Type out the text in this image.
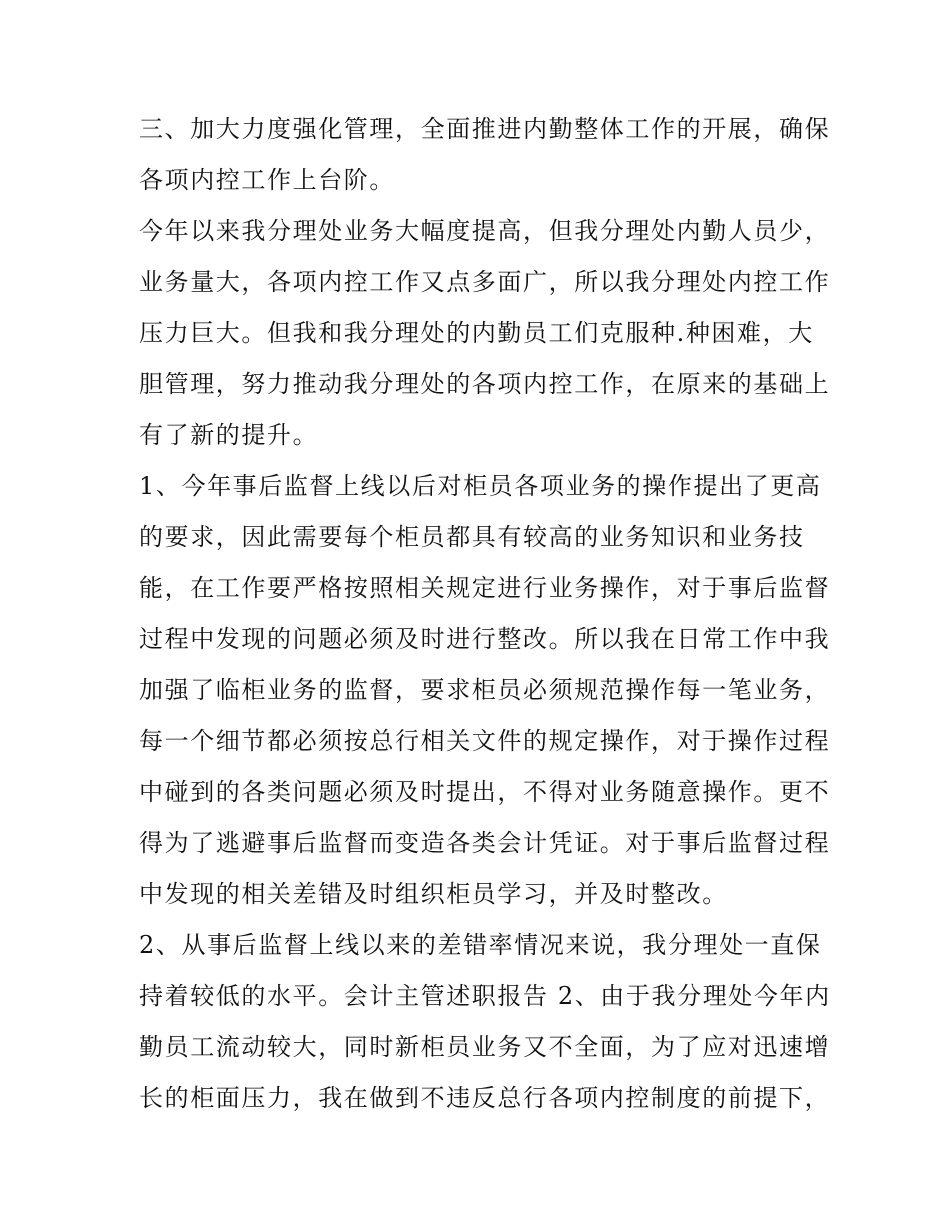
三、加大力度强化管理，全面推进内勤整体工作的开展，确保
各项内控工作上台阶。
今年以来我分理处业务大幅度提高，但我分理处内勤人员少，
业务量大，各项内控工作又点多面广，所以我分理处内控工作
压力巨大。但我和我分理处的内勤员工们克服种.种困难，大
胆管理，努力推动我分理处的各项内控工作，在原来的基础上
有了新的提升。
1、今年事后监督上线以后对柜员各项业务的操作提出了更高
的要求，因此需要每个柜员都具有较高的业务知识和业务技
能，在工作要严格按照相关规定进行业务操作，对于事后监督
过程中发现的问题必须及时进行整改。所以我在日常工作中我
加强了临柜业务的监督，要求柜员必须规范操作每一笔业务，
每一个细节都必须按总行相关文件的规定操作，对于操作过程
中碰到的各类问题必须及时提出，不得对业务随意操作。更不
得为了逃避事后监督而变造各类会计凭证。对于事后监督过程
中发现的相关差错及时组织柜员学习，并及时整改。
2、从事后监督上线以来的差错率情况来说，我分理处一直保
持着较低的水平。会计主管述职报告 2、由于我分理处今年内
勤员工流动较大，同时新柜员业务又不全面，为了应对迅速增
长的柜面压力，我在做到不违反总行各项内控制度的前提下，
